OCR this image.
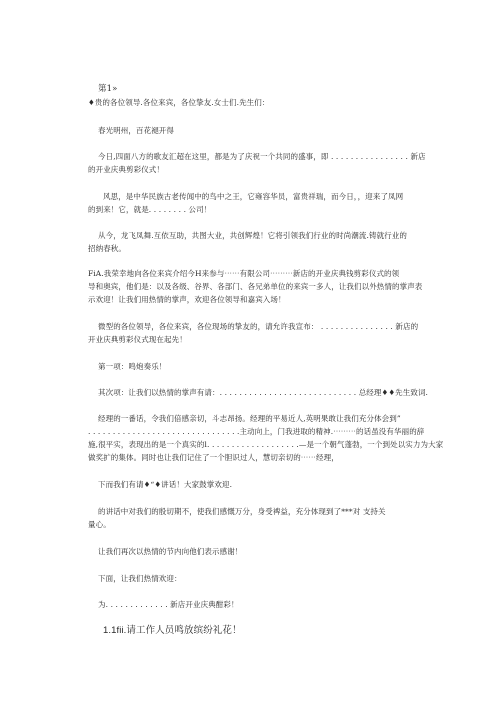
第1»
♦贵的各位领导.各位来宾，各位挚友.女士们.先生们：
春光明州，百花褪开得
今日,四面八方的歌友汇超在这里，都是为了庆祝一个共同的盛事，即 . . . . . . . . . . . . . . . . 新店
的开业庆典剪彩仪式！
风思，是中华民族古老传闻中的鸟中之王，它雍容华员，富贵祥瑞，而今日，，迎来了凤网
的到来！它，就是. . . . . . . . 公司！
从今，龙飞凤舞.互依互助，共图大业，共创辉煌！它将引领我们行业的时尚潮流.铸就行业的
招纳春秋。
FiA.我荣幸地向各位来宾介绍今H来参与⋯⋯有限公司⋯⋯⋯新店的开业庆典钱剪彩仪式的领
导和奥宾，他们是：以及各级、谷界、各部门、各兄弟单位的来宾一多人，让我们以外热情的掌声表
示欢迎！让我们用热情的掌声，欢迎各位领导和嘉宾入场！
微型的各位领导，各位来宾，各位现场的挚友的，请允许我宣布： . . . . . . . . . . . . . . . 新店的
开业庆典剪彩仪式现在起先！
第一项：鸣炮奏乐！
其次项：让我们以热情的掌声有请：. . . . . . . . . . . . . . . . . . . . . . . . . . . . 总经理♦♦先生致词.
经理的一番话，令我们倍感亲切，斗志昂扬。经理的平易近人,英明果敢让我们充分体会到”
. . . . . . . . . . . . . . . . . . . . . . . . . . . . . . .主动向上，门我进取的精神.⋯⋯⋯的话虽没有华丽的辞
施,很平实，表现出的是一个真实的l. . . . . . . . . . . . . . . . . . .—是一个朝气蓬勃，一个到处以实力为大家
做奖扩的集体。同时也让我们记住了一个胆识过人，慧切亲切的⋯⋯经理，
下而我们有请♦“♦讲话！大家鼓掌欢迎.
的讲话中对我们的殷切期不，使我们感慨万分，身受裨益，充分体现到了***对 支持关
量心。
让我们再次以热情的节内向他们表示感谢！
下面，让我们热情欢迎：
为. . . . . . . . . . . . . 新店开业庆典酣彩！
1.1fii.请工作人员鸣放缤纷礼花！
